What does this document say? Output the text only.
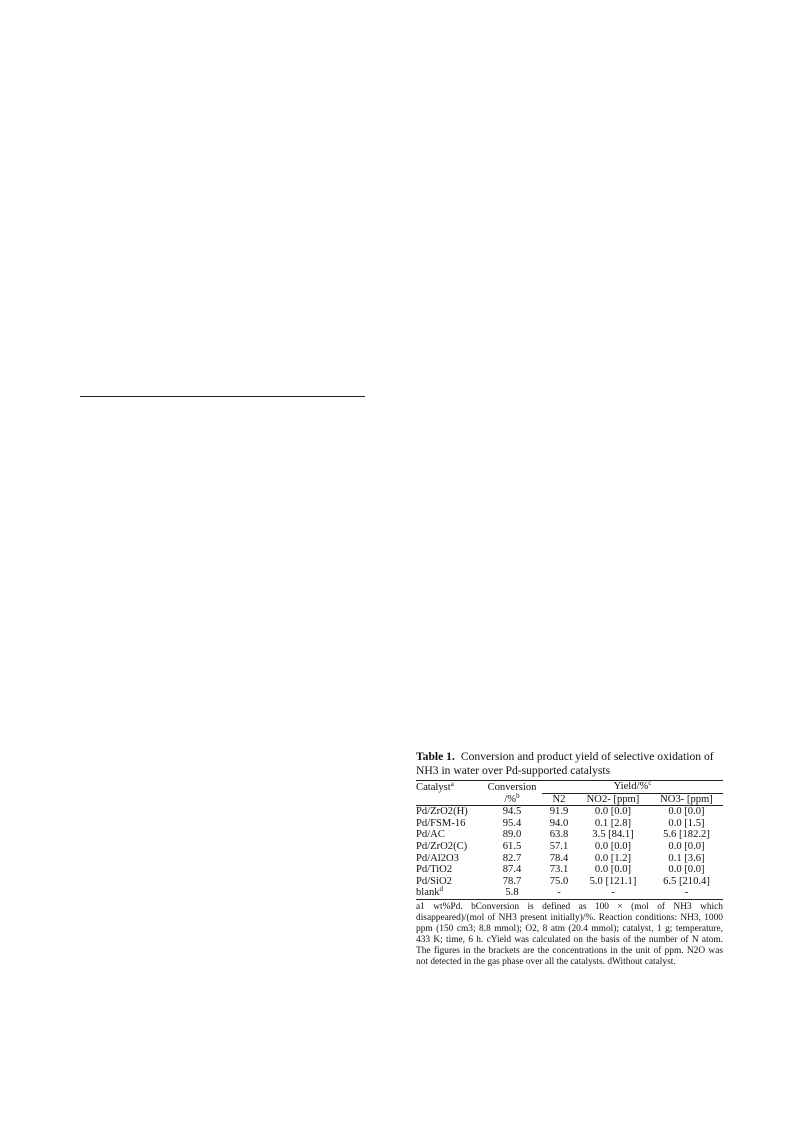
Table 1. Conversion and product yield of selective oxidation of NH3 in water over Pd-supported catalysts

Catalyst$^a$	Conversion	Yield/%$^c$

	/%$^b$	N2	NO2- [ppm]	NO3- [ppm]

Pd/ZrO2(H)	94.5	91.9	0.0 [0.0]	0.0 [0.0]
Pd/FSM-16	95.4	94.0	0.1 [2.8]	0.0 [1.5]
Pd/AC	89.0	63.8	3.5 [84.1]	5.6 [182.2]
Pd/ZrO2(C)	61.5	57.1	0.0 [0.0]	0.0 [0.0]
Pd/Al2O3	82.7	78.4	0.0 [1.2]	0.1 [3.6]
Pd/TiO2	87.4	73.1	0.0 [0.0]	0.0 [0.0]
Pd/SiO2	78.7	75.0	5.0 [121.1]	6.5 [210.4]
blank$^d$	5.8	-	-	-

a1 wt%Pd. bConversion is defined as 100 × (mol of NH3 which disappeared)/(mol of NH3 present initially)/%. Reaction conditions: NH3, 1000 ppm (150 cm3; 8.8 mmol); O2, 8 atm (20.4 mmol); catalyst, 1 g; temperature, 433 K; time, 6 h. cYield was calculated on the basis of the number of N atom. The figures in the brackets are the concentrations in the unit of ppm. N2O was not detected in the gas phase over all the catalysts. dWithout catalyst.
